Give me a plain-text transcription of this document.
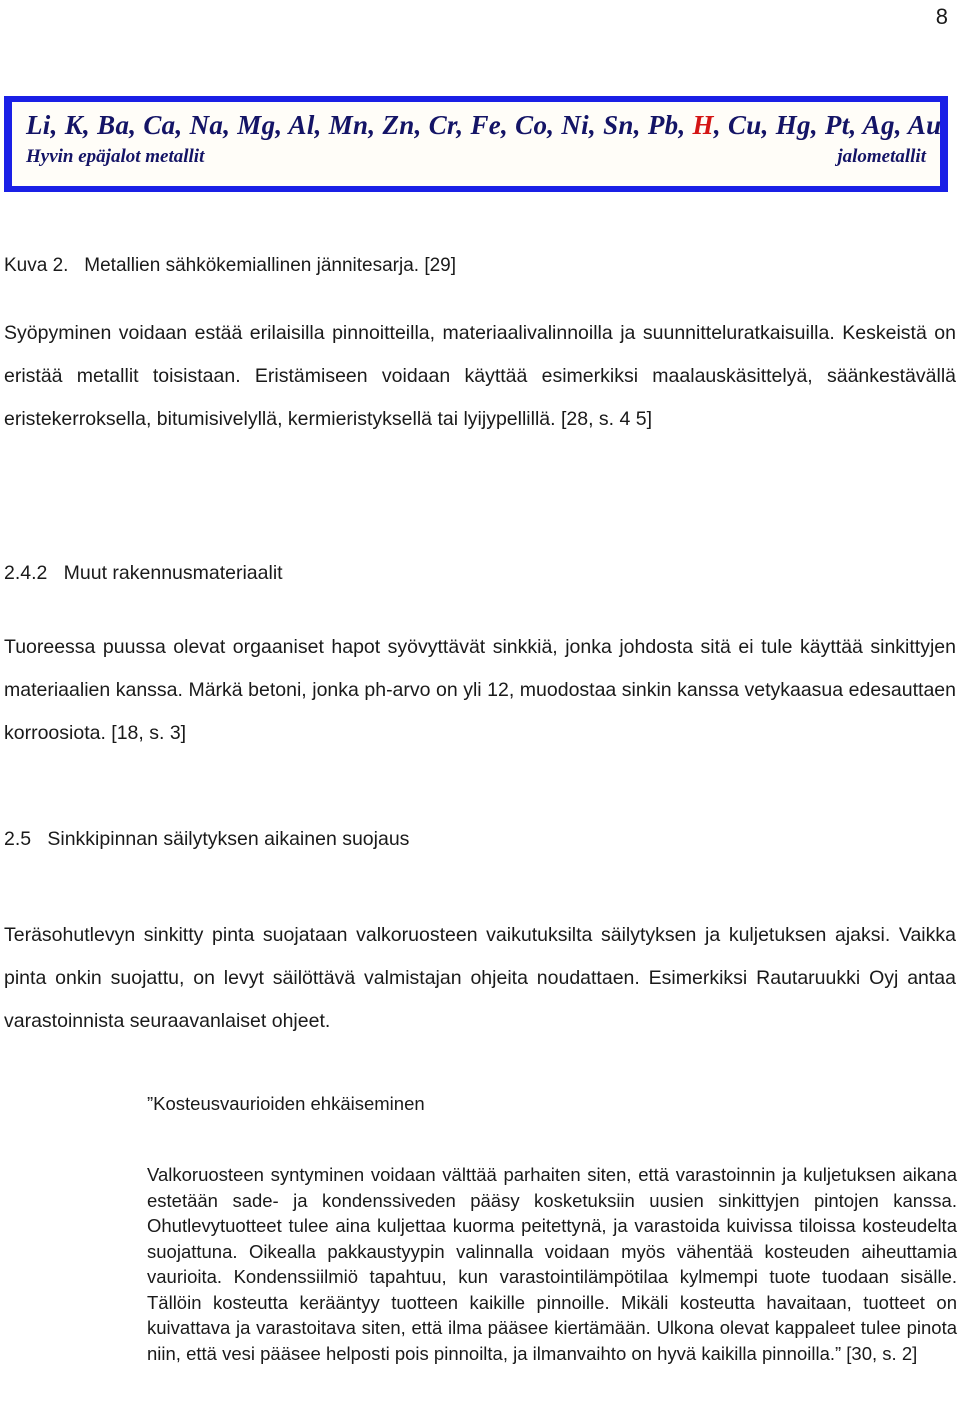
8
Li, K, Ba, Ca, Na, Mg, Al, Mn, Zn, Cr, Fe, Co, Ni, Sn, Pb, H, Cu, Hg, Pt, Ag, Au
Hyvin epäjalot metallit	jalometallit
Kuva 2.   Metallien sähkökemiallinen jännitesarja. [29]
Syöpyminen voidaan estää erilaisilla pinnoitteilla, materiaalivalinnoilla ja suunnitteluratkaisuilla. Keskeistä on eristää metallit toisistaan. Eristämiseen voidaan käyttää esimerkiksi maalauskäsittelyä, säänkestävällä eristekerroksella, bitumisivelyllä, kermieristyksellä tai lyijypellillä. [28, s. 4 5]
2.4.2 Muut rakennusmateriaalit
Tuoreessa puussa olevat orgaaniset hapot syövyttävät sinkkiä, jonka johdosta sitä ei tule käyttää sinkittyjen materiaalien kanssa. Märkä betoni, jonka ph-arvo on yli 12, muodostaa sinkin kanssa vetykaasua edesauttaen korroosiota. [18, s. 3]
2.5 Sinkkipinnan säilytyksen aikainen suojaus
Teräsohutlevyn sinkitty pinta suojataan valkoruosteen vaikutuksilta säilytyksen ja kuljetuksen ajaksi. Vaikka pinta onkin suojattu, on levyt säilöttävä valmistajan ohjeita noudattaen. Esimerkiksi Rautaruukki Oyj antaa varastoinnista seuraavanlaiset ohjeet.
”Kosteusvaurioiden ehkäiseminen
Valkoruosteen syntyminen voidaan välttää parhaiten siten, että varastoinnin ja kuljetuksen aikana estetään sade- ja kondenssiveden pääsy kosketuksiin uusien sinkittyjen pintojen kanssa. Ohutlevytuotteet tulee aina kuljettaa kuorma peitettynä, ja varastoida kuivissa tiloissa kosteudelta suojattuna. Oikealla pakkaustyypin valinnalla voidaan myös vähentää kosteuden aiheuttamia vaurioita. Kondenssiilmiö tapahtuu, kun varastointilämpötilaa kylmempi tuote tuodaan sisälle. Tällöin kosteutta kerääntyy tuotteen kaikille pinnoille. Mikäli kosteutta havaitaan, tuotteet on kuivattava ja varastoitava siten, että ilma pääsee kiertämään. Ulkona olevat kappaleet tulee pinota niin, että vesi pääsee helposti pois pinnoilta, ja ilmanvaihto on hyvä kaikilla pinnoilla.” [30, s. 2]
